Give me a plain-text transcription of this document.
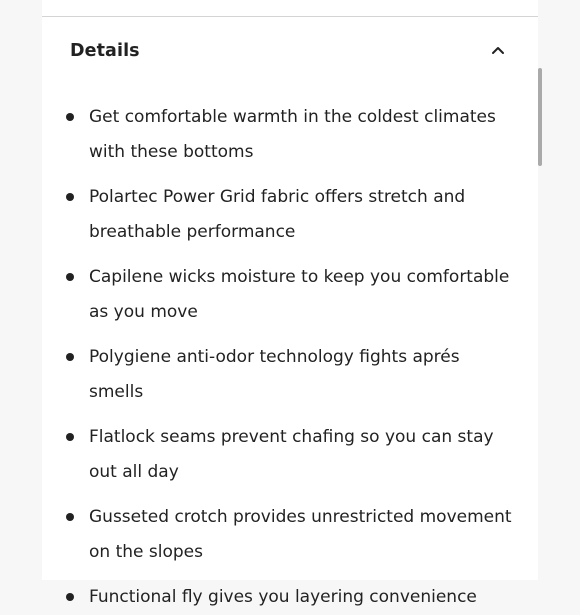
Details
Get comfortable warmth in the coldest climates with these bottoms
Polartec Power Grid fabric offers stretch and breathable performance
Capilene wicks moisture to keep you comfortable as you move
Polygiene anti-odor technology fights aprés smells
Flatlock seams prevent chafing so you can stay out all day
Gusseted crotch provides unrestricted movement on the slopes
Functional fly gives you layering convenience
